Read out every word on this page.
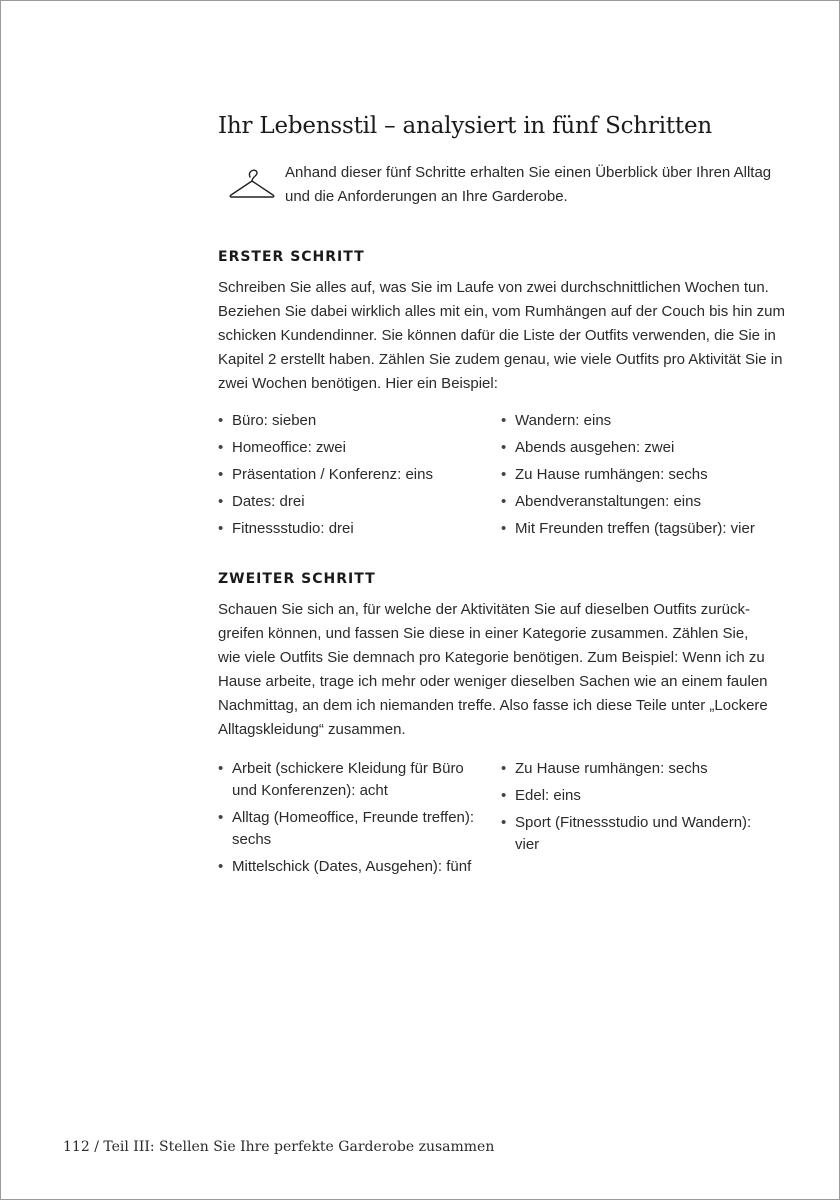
Ihr Lebensstil – analysiert in fünf Schritten

Anhand dieser fünf Schritte erhalten Sie einen Überblick über Ihren Alltag
und die Anforderungen an Ihre Garderobe.

ERSTER SCHRITT

Schreiben Sie alles auf, was Sie im Laufe von zwei durchschnittlichen Wochen tun.
Beziehen Sie dabei wirklich alles mit ein, vom Rumhängen auf der Couch bis hin zum
schicken Kundendinner. Sie können dafür die Liste der Outfits verwenden, die Sie in
Kapitel 2 erstellt haben. Zählen Sie zudem genau, wie viele Outfits pro Aktivität Sie in
zwei Wochen benötigen. Hier ein Beispiel:

• Büro: sieben
• Homeoffice: zwei
• Präsentation / Konferenz: eins
• Dates: drei
• Fitnessstudio: drei
• Wandern: eins
• Abends ausgehen: zwei
• Zu Hause rumhängen: sechs
• Abendveranstaltungen: eins
• Mit Freunden treffen (tagsüber): vier
ZWEITER SCHRITT

Schauen Sie sich an, für welche der Aktivitäten Sie auf dieselben Outfits zurück-
greifen können, und fassen Sie diese in einer Kategorie zusammen. Zählen Sie,
wie viele Outfits Sie demnach pro Kategorie benötigen. Zum Beispiel: Wenn ich zu
Hause arbeite, trage ich mehr oder weniger dieselben Sachen wie an einem faulen
Nachmittag, an dem ich niemanden treffe. Also fasse ich diese Teile unter „Lockere
Alltagskleidung“ zusammen.

• Arbeit (schickere Kleidung für Büro
und Konferenzen): acht
• Alltag (Homeoffice, Freunde treffen):
sechs
• Mittelschick (Dates, Ausgehen): fünf
• Zu Hause rumhängen: sechs
• Edel: eins
• Sport (Fitnessstudio und Wandern):
vier

112 / Teil III: Stellen Sie Ihre perfekte Garderobe zusammen
